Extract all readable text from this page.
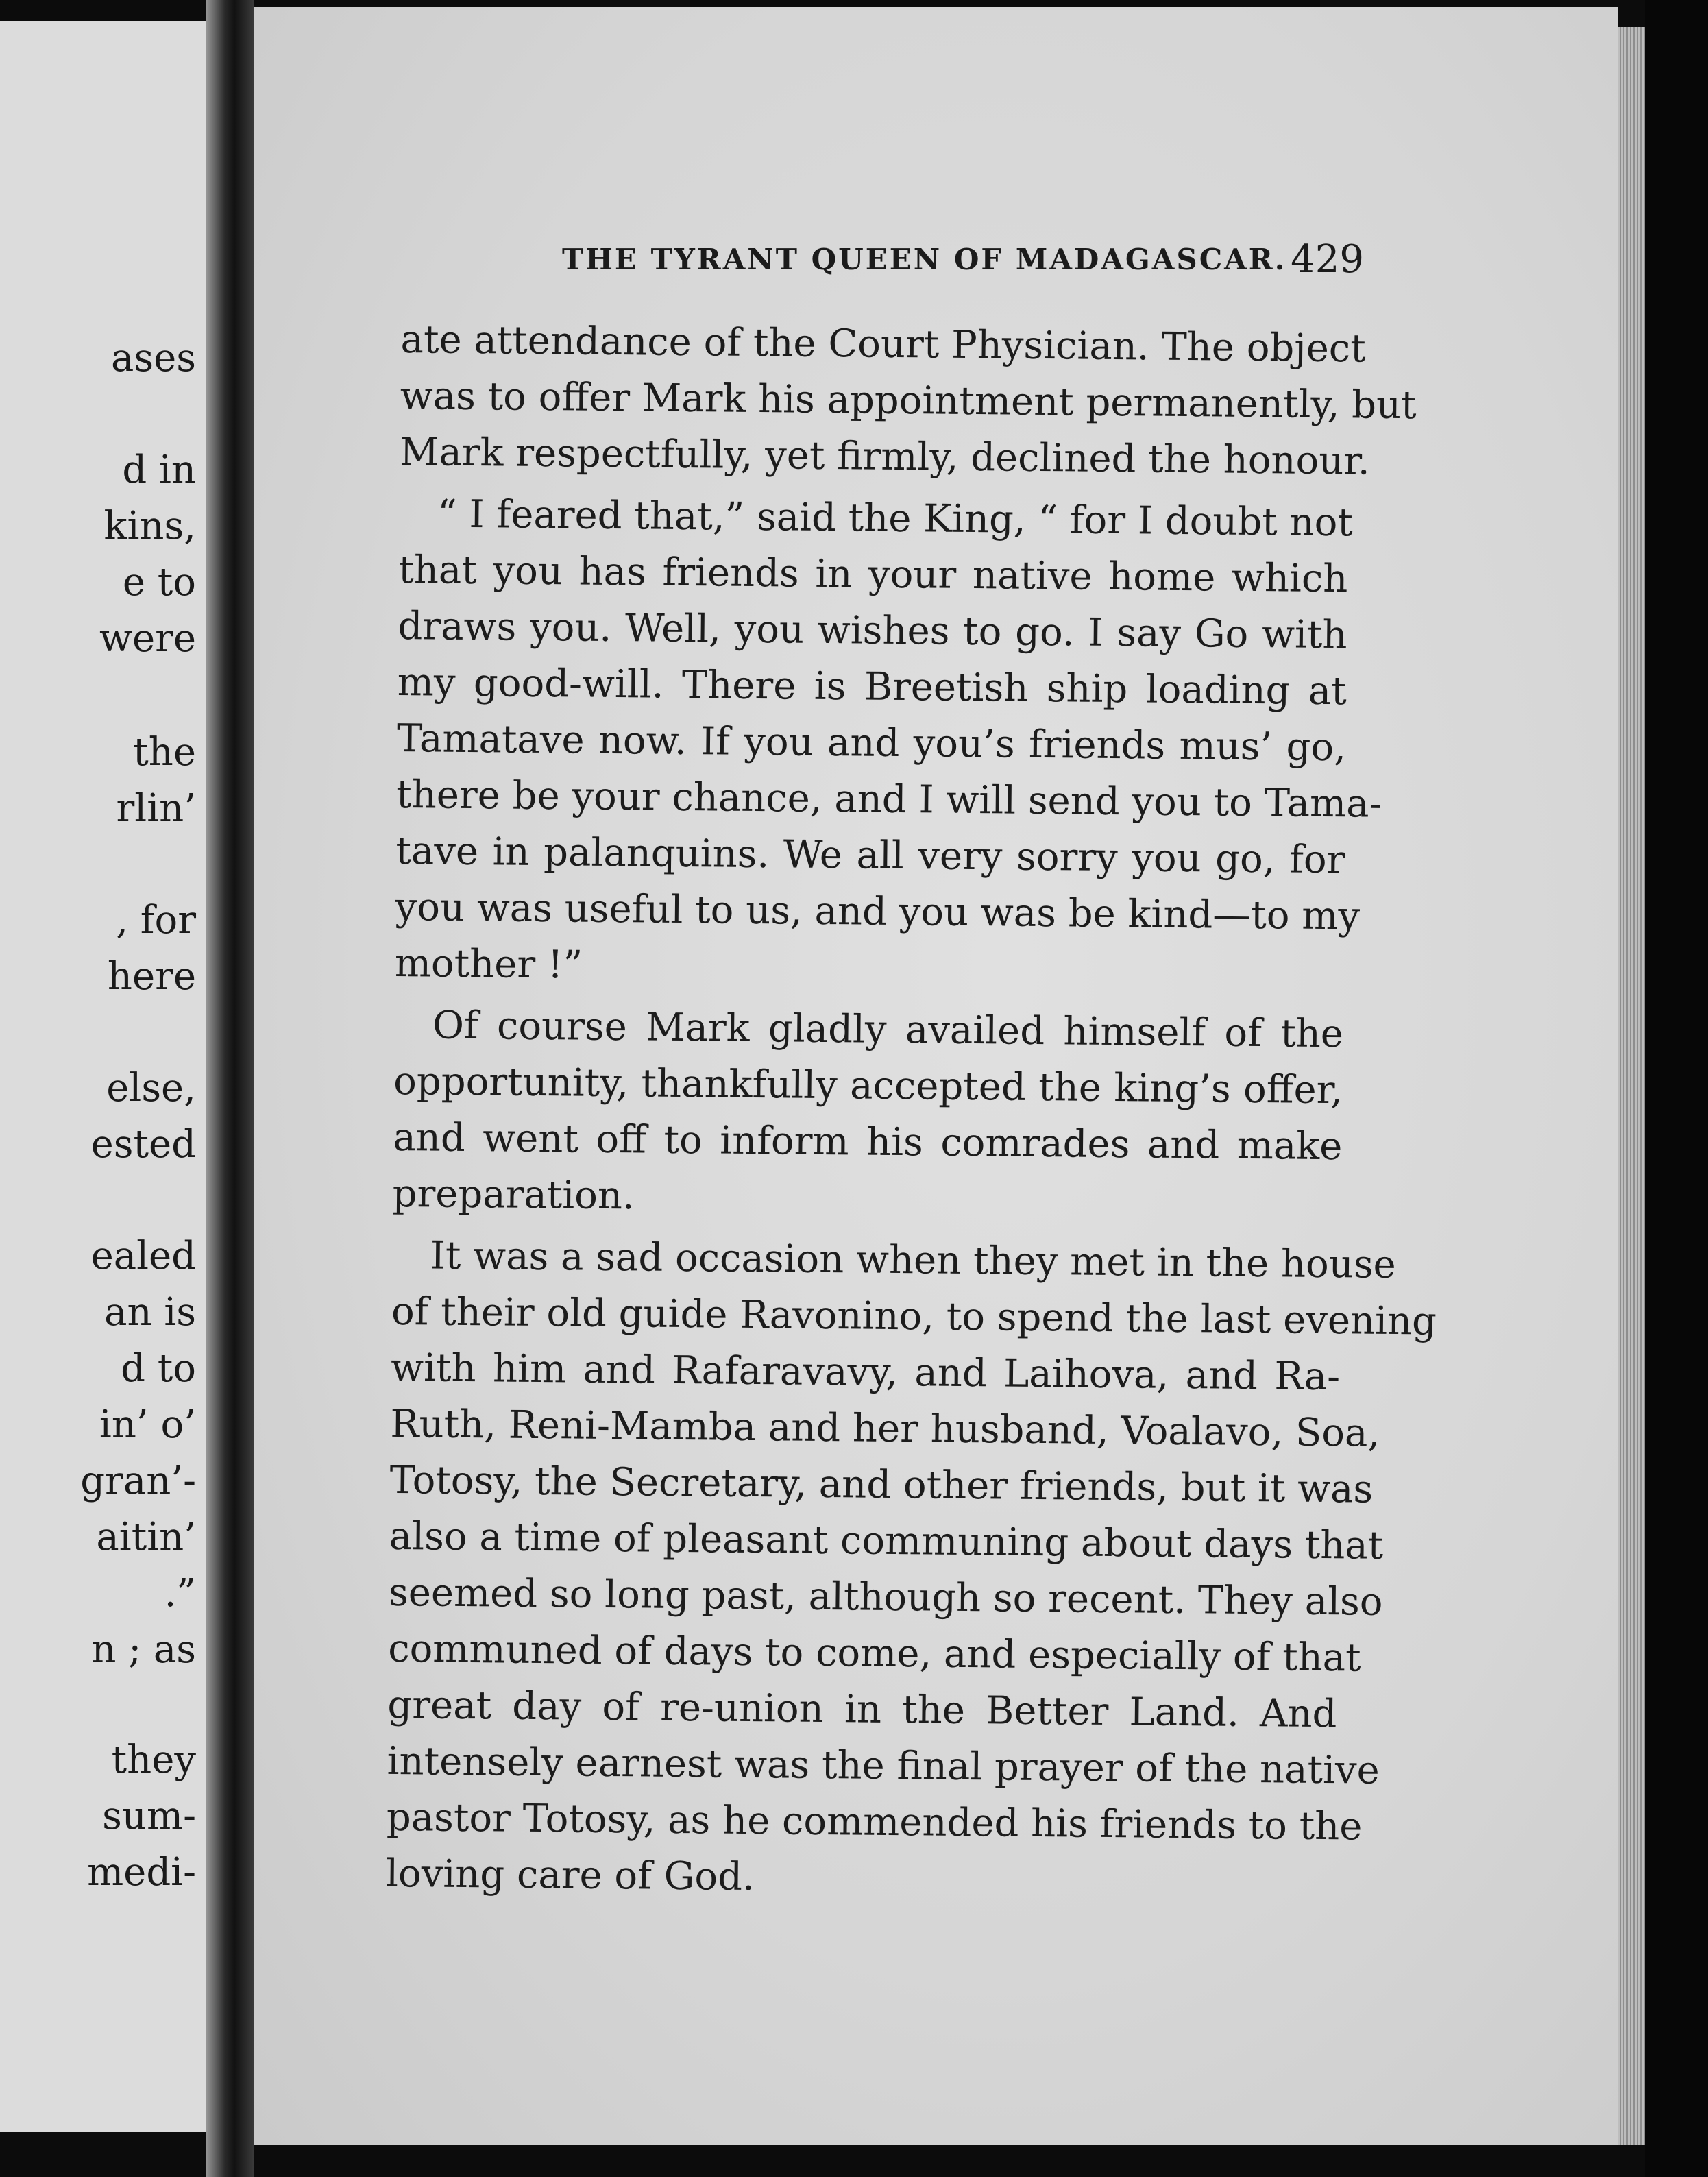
ases
d in
kins,
e to
were
the
rlin’
, for
here
else,
ested
ealed
an is
d to
in’ o’
gran’-
aitin’
.”
n ; as
they
sum-
medi-
THE TYRANT QUEEN OF MADAGASCAR. 429
ate attendance of the Court Physician. The object
was to offer Mark his appointment permanently, but
Mark respectfully, yet firmly, declined the honour.
“ I feared that,” said the King, “ for I doubt not
that you has friends in your native home which
draws you. Well, you wishes to go. I say Go with
my good-will. There is Breetish ship loading at
Tamatave now. If you and you’s friends mus’ go,
there be your chance, and I will send you to Tama-
tave in palanquins. We all very sorry you go, for
you was useful to us, and you was be kind—to my
mother !”
Of course Mark gladly availed himself of the
opportunity, thankfully accepted the king’s offer,
and went off to inform his comrades and make
preparation.
It was a sad occasion when they met in the house
of their old guide Ravonino, to spend the last evening
with him and Rafaravavy, and Laihova, and Ra-
Ruth, Reni-Mamba and her husband, Voalavo, Soa,
Totosy, the Secretary, and other friends, but it was
also a time of pleasant communing about days that
seemed so long past, although so recent. They also
communed of days to come, and especially of that
great day of re-union in the Better Land. And
intensely earnest was the final prayer of the native
pastor Totosy, as he commended his friends to the
loving care of God.
